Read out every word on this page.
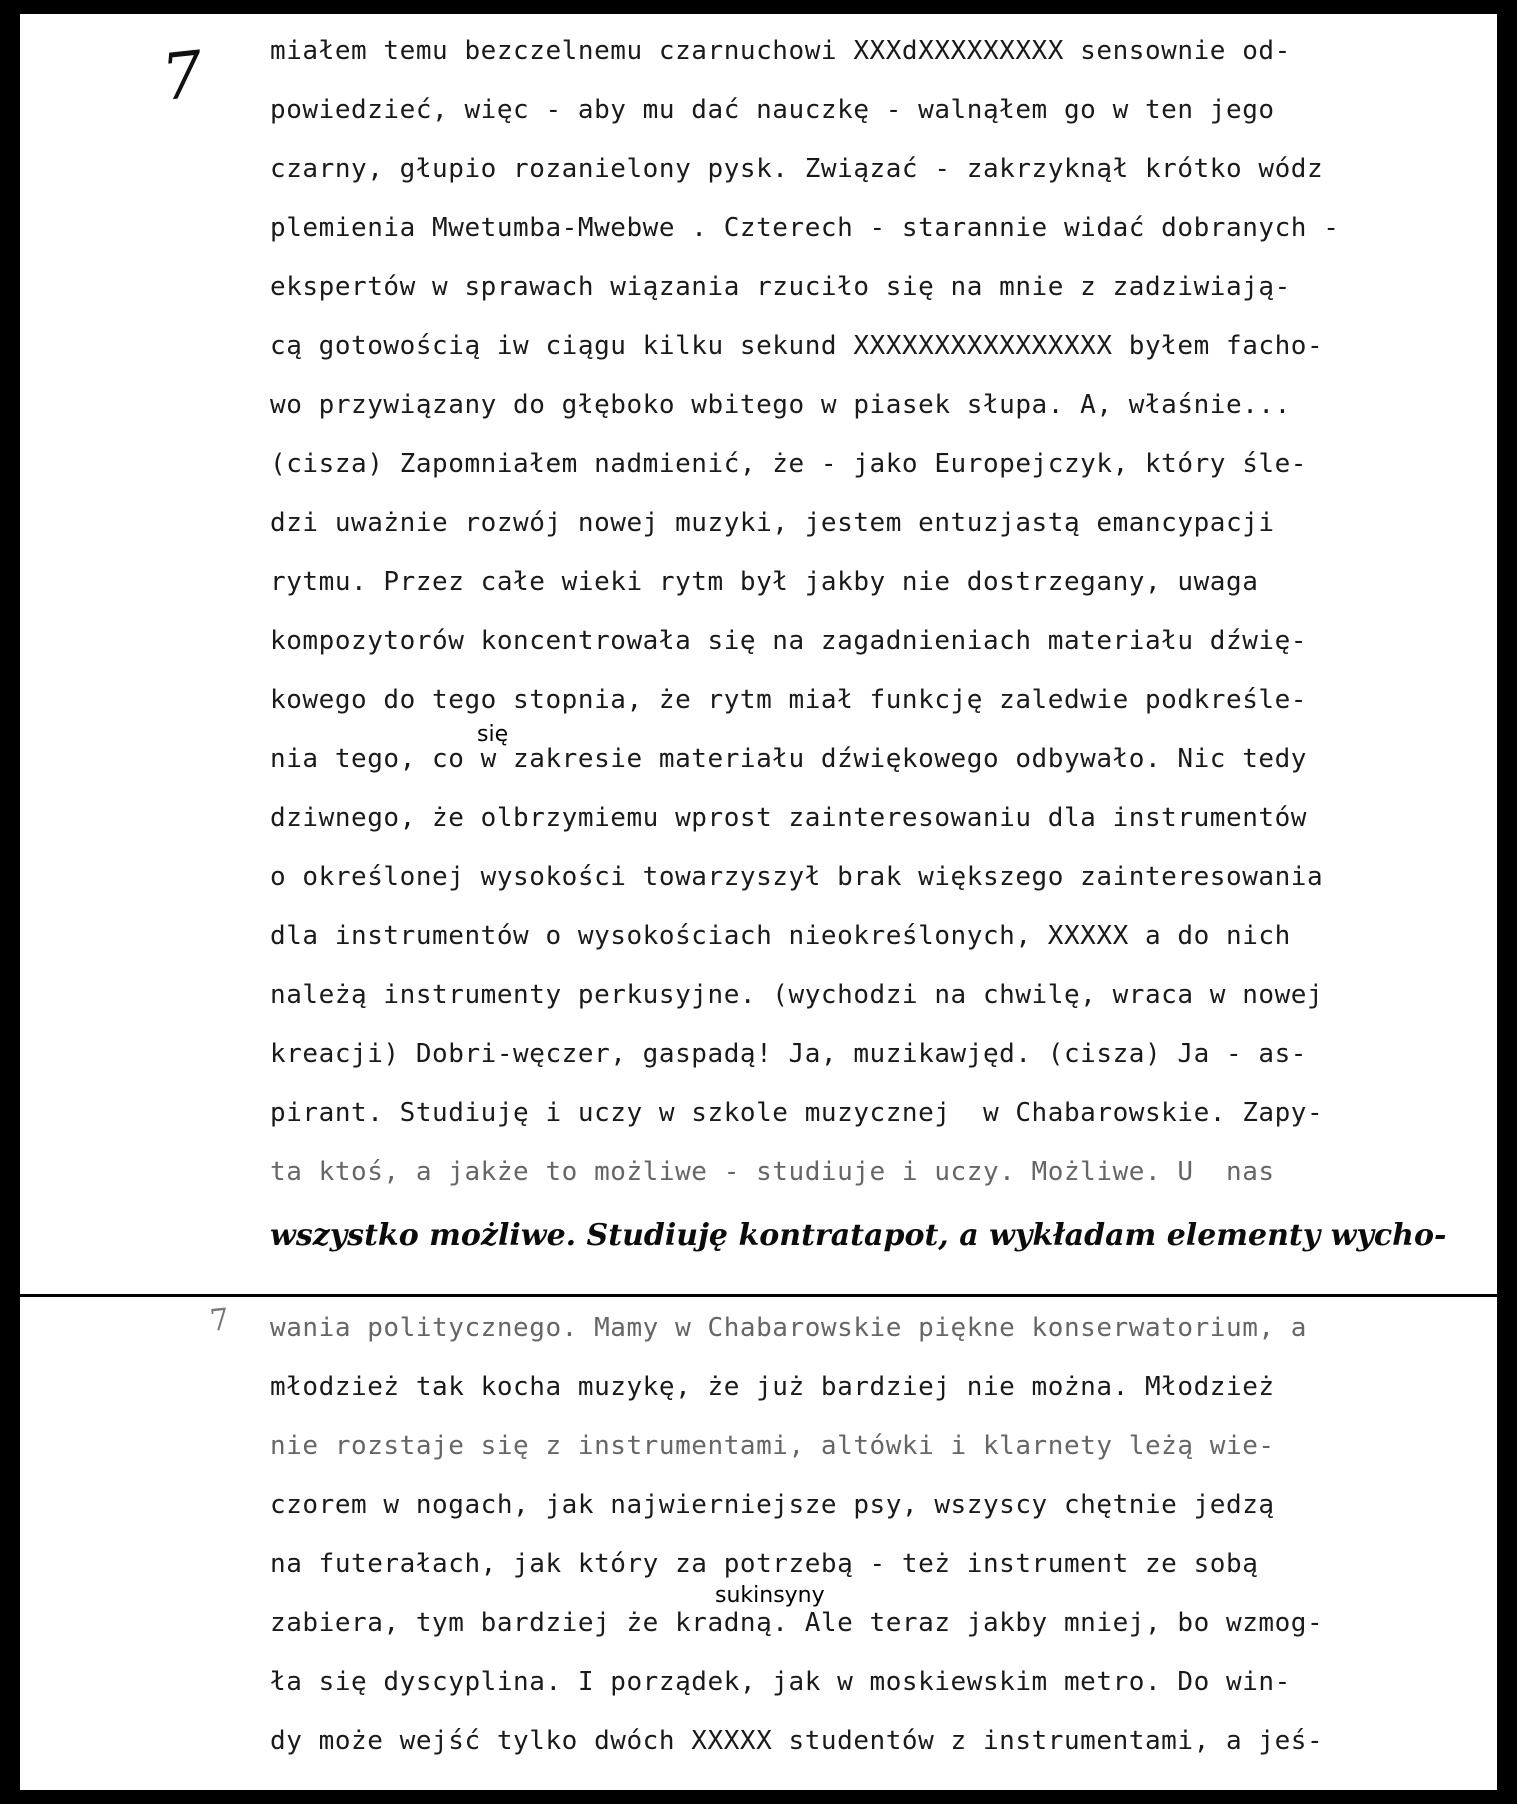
7 miałem temu bezczelnemu czarnuchowi XXXdXXXXXXXXX sensownie od-
powiedzieć, więc - aby mu dać nauczkę - walnąłem go w ten jego
czarny, głupio rozanielony pysk. Związać - zakrzyknął krótko wódz
plemienia Mwetumba-Mwebwe . Czterech - starannie widać dobranych -
ekspertów w sprawach wiązania rzuciło się na mnie z zadziwiają-
cą gotowością iw ciągu kilku sekund XXXXXXXXXXXXXXXX byłem facho-
wo przywiązany do głęboko wbitego w piasek słupa. A, właśnie...
(cisza) Zapomniałem nadmienić, że - jako Europejczyk, który śle-
dzi uważnie rozwój nowej muzyki, jestem entuzjastą emancypacji
rytmu. Przez całe wieki rytm był jakby nie dostrzegany, uwaga
kompozytorów koncentrowała się na zagadnieniach materiału dźwię-
kowego do tego stopnia, że rytm miał funkcję zaledwie podkreśle-
się
nia tego, co w zakresie materiału dźwiękowego odbywało. Nic tedy
dziwnego, że olbrzymiemu wprost zainteresowaniu dla instrumentów
o określonej wysokości towarzyszył brak większego zainteresowania
dla instrumentów o wysokościach nieokreślonych, XXXXX a do nich
należą instrumenty perkusyjne. (wychodzi na chwilę, wraca w nowej
kreacji) Dobri-węczer, gaspadą! Ja, muzikawjęd. (cisza) Ja - as-
pirant. Studiuję i uczy w szkole muzycznej  w Chabarowskie. Zapy-
ta ktoś, a jakże to możliwe - studiuje i uczy. Możliwe. U  nas
wszystko możliwe. Studiuję kontratapot, a wykładam elementy wycho-
7 wania politycznego. Mamy w Chabarowskie piękne konserwatorium, a
młodzież tak kocha muzykę, że już bardziej nie można. Młodzież
nie rozstaje się z instrumentami, altówki i klarnety leżą wie-
czorem w nogach, jak najwierniejsze psy, wszyscy chętnie jedzą
na futerałach, jak który za potrzebą - też instrument ze sobą
sukinsyny
zabiera, tym bardziej że kradną. Ale teraz jakby mniej, bo wzmog-
ła się dyscyplina. I porządek, jak w moskiewskim metro. Do win-
dy może wejść tylko dwóch XXXXX studentów z instrumentami, a jeś-
